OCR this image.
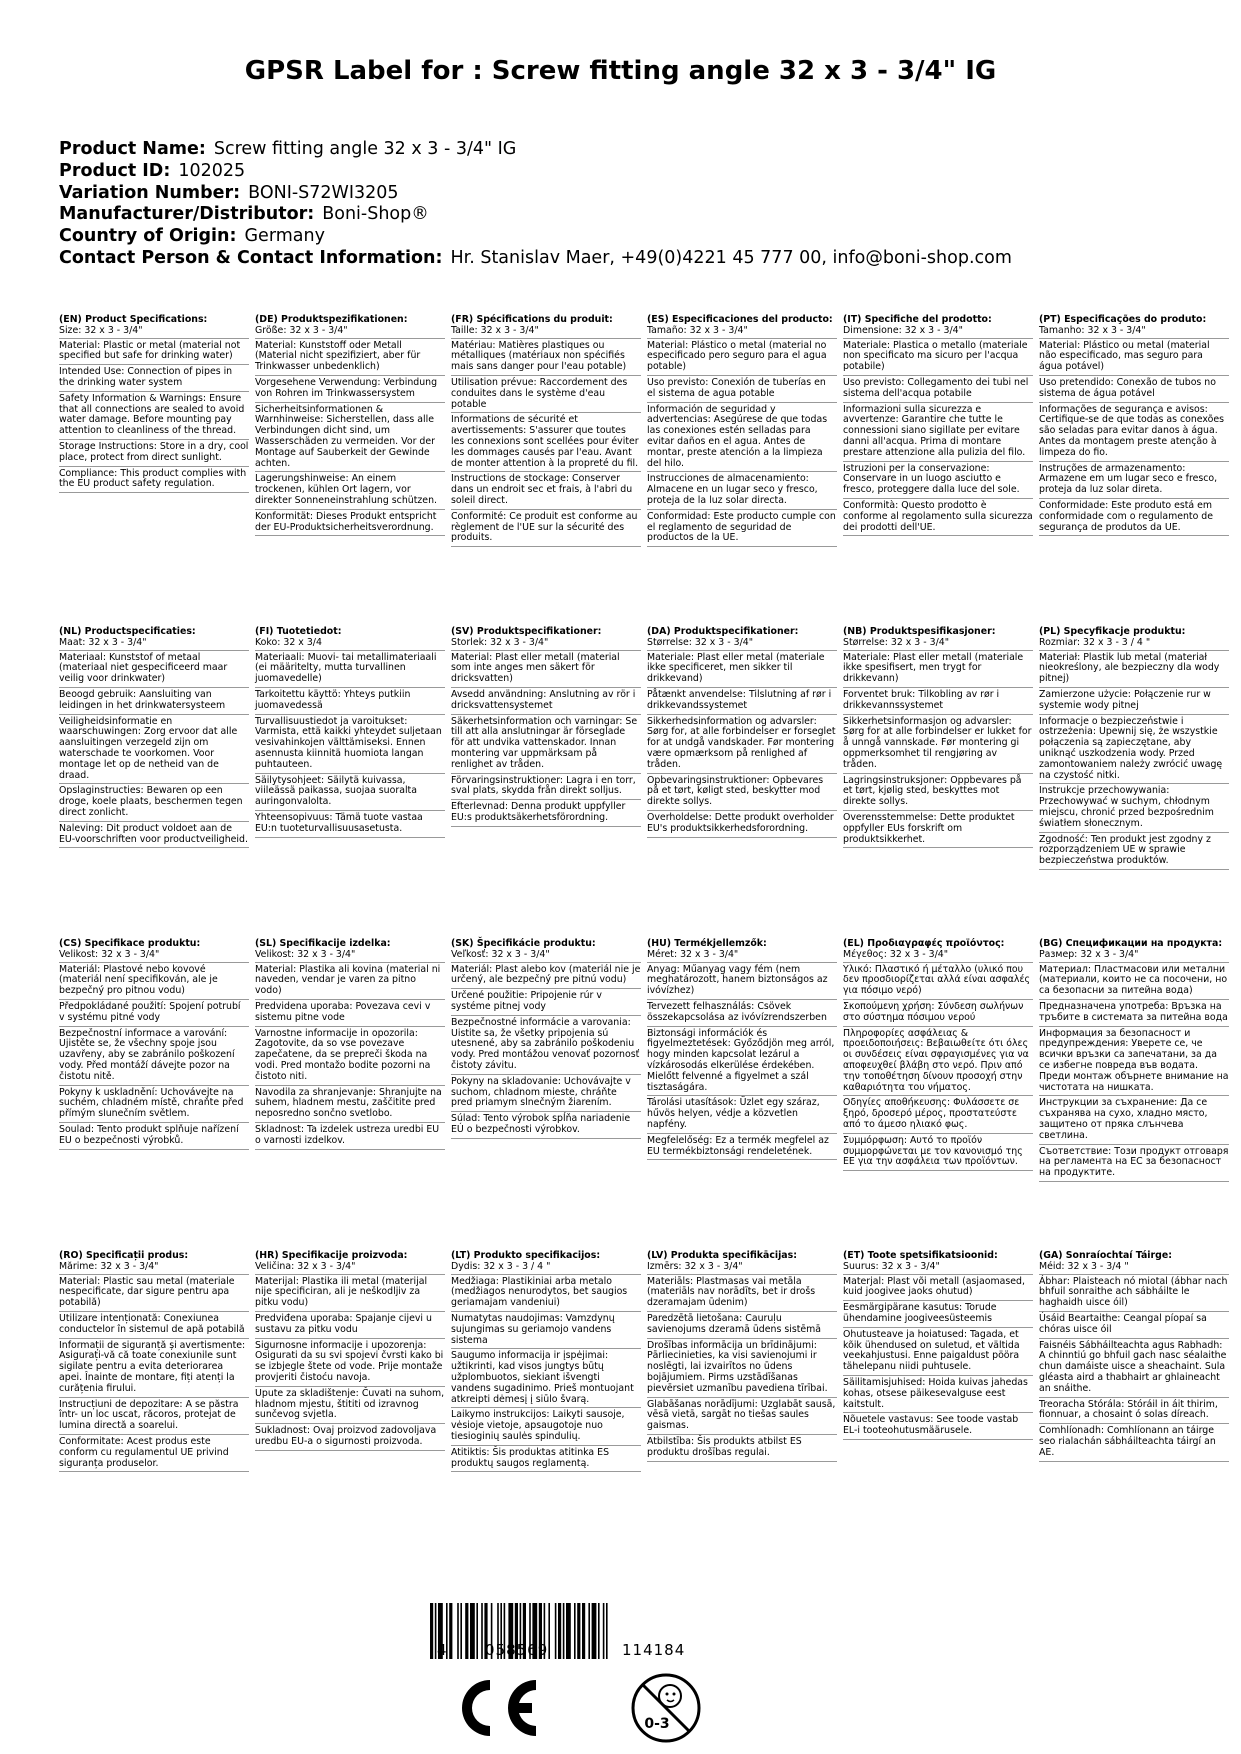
GPSR Label for : Screw fitting angle 32 x 3 - 3/4" IG
Product Name: Screw fitting angle 32 x 3 - 3/4" IG
Product ID: 102025
Variation Number: BONI-S72WI3205
Manufacturer/Distributor: Boni-Shop®
Country of Origin: Germany
Contact Person & Contact Information: Hr. Stanislav Maer, +49(0)4221 45 777 00, info@boni-shop.com
(EN) Product Specifications:
Size: 32 x 3 - 3/4"
Material: Plastic or metal (material not specified but safe for drinking water)
Intended Use: Connection of pipes in the drinking water system
Safety Information & Warnings: Ensure that all connections are sealed to avoid water damage. Before mounting pay attention to cleanliness of the thread.
Storage Instructions: Store in a dry, cool place, protect from direct sunlight.
Compliance: This product complies with the EU product safety regulation.
(DE) Produktspezifikationen:
Größe: 32 x 3 - 3/4"
Material: Kunststoff oder Metall (Material nicht spezifiziert, aber für Trinkwasser unbedenklich)
Vorgesehene Verwendung: Verbindung von Rohren im Trinkwassersystem
Sicherheitsinformationen & Warnhinweise: Sicherstellen, dass alle Verbindungen dicht sind, um Wasserschäden zu vermeiden. Vor der Montage auf Sauberkeit der Gewinde achten.
Lagerungshinweise: An einem trockenen, kühlen Ort lagern, vor direkter Sonneneinstrahlung schützen.
Konformität: Dieses Produkt entspricht der EU-Produktsicherheitsverordnung.
(FR) Spécifications du produit:
Taille: 32 x 3 - 3/4"
Matériau: Matières plastiques ou métalliques (matériaux non spécifiés mais sans danger pour l'eau potable)
Utilisation prévue: Raccordement des conduites dans le système d'eau potable
Informations de sécurité et avertissements: S'assurer que toutes les connexions sont scellées pour éviter les dommages causés par l'eau. Avant de monter attention à la propreté du fil.
Instructions de stockage: Conserver dans un endroit sec et frais, à l'abri du soleil direct.
Conformité: Ce produit est conforme au règlement de l'UE sur la sécurité des produits.
(ES) Especificaciones del producto:
Tamaño: 32 x 3 - 3/4"
Material: Plástico o metal (material no especificado pero seguro para el agua potable)
Uso previsto: Conexión de tuberías en el sistema de agua potable
Información de seguridad y advertencias: Asegúrese de que todas las conexiones estén selladas para evitar daños en el agua. Antes de montar, preste atención a la limpieza del hilo.
Instrucciones de almacenamiento: Almacene en un lugar seco y fresco, proteja de la luz solar directa.
Conformidad: Este producto cumple con el reglamento de seguridad de productos de la UE.
(IT) Specifiche del prodotto:
Dimensione: 32 x 3 - 3/4"
Materiale: Plastica o metallo (materiale non specificato ma sicuro per l'acqua potabile)
Uso previsto: Collegamento dei tubi nel sistema dell'acqua potabile
Informazioni sulla sicurezza e avvertenze: Garantire che tutte le connessioni siano sigillate per evitare danni all'acqua. Prima di montare prestare attenzione alla pulizia del filo.
Istruzioni per la conservazione: Conservare in un luogo asciutto e fresco, proteggere dalla luce del sole.
Conformità: Questo prodotto è conforme al regolamento sulla sicurezza dei prodotti dell'UE.
(PT) Especificações do produto:
Tamanho: 32 x 3 - 3/4"
Material: Plástico ou metal (material não especificado, mas seguro para água potável)
Uso pretendido: Conexão de tubos no sistema de água potável
Informações de segurança e avisos: Certifique-se de que todas as conexões são seladas para evitar danos à água. Antes da montagem preste atenção à limpeza do fio.
Instruções de armazenamento: Armazene em um lugar seco e fresco, proteja da luz solar direta.
Conformidade: Este produto está em conformidade com o regulamento de segurança de produtos da UE.
(NL) Productspecificaties:
Maat: 32 x 3 - 3/4"
Materiaal: Kunststof of metaal (materiaal niet gespecificeerd maar veilig voor drinkwater)
Beoogd gebruik: Aansluiting van leidingen in het drinkwatersysteem
Veiligheidsinformatie en waarschuwingen: Zorg ervoor dat alle aansluitingen verzegeld zijn om waterschade te voorkomen. Voor montage let op de netheid van de draad.
Opslaginstructies: Bewaren op een droge, koele plaats, beschermen tegen direct zonlicht.
Naleving: Dit product voldoet aan de EU-voorschriften voor productveiligheid.
(FI) Tuotetiedot:
Koko: 32 x 3/4
Materiaali: Muovi- tai metallimateriaali (ei määritelty, mutta turvallinen juomavedelle)
Tarkoitettu käyttö: Yhteys putkiin juomavedessä
Turvallisuustiedot ja varoitukset: Varmista, että kaikki yhteydet suljetaan vesivahinkojen välttämiseksi. Ennen asennusta kiinnitä huomiota langan puhtauteen.
Säilytysohjeet: Säilytä kuivassa, viileässä paikassa, suojaa suoralta auringonvalolta.
Yhteensopivuus: Tämä tuote vastaa EU:n tuoteturvallisuusasetusta.
(SV) Produktspecifikationer:
Storlek: 32 x 3 - 3/4"
Material: Plast eller metall (material som inte anges men säkert för dricksvatten)
Avsedd användning: Anslutning av rör i dricksvattensystemet
Säkerhetsinformation och varningar: Se till att alla anslutningar är förseglade för att undvika vattenskador. Innan montering var uppmärksam på renlighet av tråden.
Förvaringsinstruktioner: Lagra i en torr, sval plats, skydda från direkt solljus.
Efterlevnad: Denna produkt uppfyller EU:s produktsäkerhetsförordning.
(DA) Produktspecifikationer:
Størrelse: 32 x 3 - 3/4"
Materiale: Plast eller metal (materiale ikke specificeret, men sikker til drikkevand)
Påtænkt anvendelse: Tilslutning af rør i drikkevandssystemet
Sikkerhedsinformation og advarsler: Sørg for, at alle forbindelser er forseglet for at undgå vandskader. Før montering være opmærksom på renlighed af tråden.
Opbevaringsinstruktioner: Opbevares på et tørt, køligt sted, beskytter mod direkte sollys.
Overholdelse: Dette produkt overholder EU's produktsikkerhedsforordning.
(NB) Produktspesifikasjoner:
Størrelse: 32 x 3 - 3/4"
Materiale: Plast eller metall (materiale ikke spesifisert, men trygt for drikkevann)
Forventet bruk: Tilkobling av rør i drikkevannssystemet
Sikkerhetsinformasjon og advarsler: Sørg for at alle forbindelser er lukket for å unngå vannskade. Før montering gi oppmerksomhet til rengjøring av tråden.
Lagringsinstruksjoner: Oppbevares på et tørt, kjølig sted, beskyttes mot direkte sollys.
Overensstemmelse: Dette produktet oppfyller EUs forskrift om produktsikkerhet.
(PL) Specyfikacje produktu:
Rozmiar: 32 x 3 - 3 / 4 "
Materiał: Plastik lub metal (materiał nieokreślony, ale bezpieczny dla wody pitnej)
Zamierzone użycie: Połączenie rur w systemie wody pitnej
Informacje o bezpieczeństwie i ostrzeżenia: Upewnij się, że wszystkie połączenia są zapieczętane, aby uniknąć uszkodzenia wody. Przed zamontowaniem należy zwrócić uwagę na czystość nitki.
Instrukcje przechowywania: Przechowywać w suchym, chłodnym miejscu, chronić przed bezpośrednim światłem słonecznym.
Zgodność: Ten produkt jest zgodny z rozporządzeniem UE w sprawie bezpieczeństwa produktów.
(CS) Specifikace produktu:
Velikost: 32 x 3 - 3/4"
Materiál: Plastové nebo kovové (materiál není specifikován, ale je bezpečný pro pitnou vodu)
Předpokládané použití: Spojení potrubí v systému pitné vody
Bezpečnostní informace a varování: Ujistěte se, že všechny spoje jsou uzavřeny, aby se zabránilo poškození vody. Před montáží dávejte pozor na čistotu nitě.
Pokyny k uskladnění: Uchovávejte na suchém, chladném místě, chraňte před přímým slunečním světlem.
Soulad: Tento produkt splňuje nařízení EU o bezpečnosti výrobků.
(SL) Specifikacije izdelka:
Velikost: 32 x 3 - 3/4"
Material: Plastika ali kovina (material ni naveden, vendar je varen za pitno vodo)
Predvidena uporaba: Povezava cevi v sistemu pitne vode
Varnostne informacije in opozorila: Zagotovite, da so vse povezave zapečatene, da se prepreči škoda na vodi. Pred montažo bodite pozorni na čistoto niti.
Navodila za shranjevanje: Shranjujte na suhem, hladnem mestu, zaščitite pred neposredno sončno svetlobo.
Skladnost: Ta izdelek ustreza uredbi EU o varnosti izdelkov.
(SK) Špecifikácie produktu:
Veľkosť: 32 x 3 - 3/4"
Materiál: Plast alebo kov (materiál nie je určený, ale bezpečný pre pitnú vodu)
Určené použitie: Pripojenie rúr v systéme pitnej vody
Bezpečnostné informácie a varovania: Uistite sa, že všetky pripojenia sú utesnené, aby sa zabránilo poškodeniu vody. Pred montážou venovať pozornosť čistoty závitu.
Pokyny na skladovanie: Uchovávajte v suchom, chladnom mieste, chráňte pred priamym slnečným žiarením.
Súlad: Tento výrobok spĺňa nariadenie EÚ o bezpečnosti výrobkov.
(HU) Termékjellemzők:
Méret: 32 x 3 - 3/4"
Anyag: Műanyag vagy fém (nem meghatározott, hanem biztonságos az ivóvízhez)
Tervezett felhasználás: Csövek összekapcsolása az ivóvízrendszerben
Biztonsági információk és figyelmeztetések: Győződjön meg arról, hogy minden kapcsolat lezárul a vízkárosodás elkerülése érdekében. Mielőtt felvenné a figyelmet a szál tisztaságára.
Tárolási utasítások: Üzlet egy száraz, hűvös helyen, védje a közvetlen napfény.
Megfelelőség: Ez a termék megfelel az EU termékbiztonsági rendeletének.
(EL) Προδιαγραφές προϊόντος:
Μέγεθος: 32 x 3 - 3/4"
Υλικό: Πλαστικό ή μέταλλο (υλικό που δεν προσδιορίζεται αλλά είναι ασφαλές για πόσιμο νερό)
Σκοπούμενη χρήση: Σύνδεση σωλήνων στο σύστημα πόσιμου νερού
Πληροφορίες ασφάλειας & προειδοποιήσεις: Βεβαιωθείτε ότι όλες οι συνδέσεις είναι σφραγισμένες για να αποφευχθεί βλάβη στο νερό. Πριν από την τοποθέτηση δίνουν προσοχή στην καθαριότητα του νήματος.
Οδηγίες αποθήκευσης: Φυλάσσετε σε ξηρό, δροσερό μέρος, προστατεύστε από το άμεσο ηλιακό φως.
Συμμόρφωση: Αυτό το προϊόν συμμορφώνεται με τον κανονισμό της ΕΕ για την ασφάλεια των προϊόντων.
(BG) Спецификации на продукта:
Размер: 32 x 3 - 3/4"
Материал: Пластмасови или метални (материали, които не са посочени, но са безопасни за питейна вода)
Предназначена употреба: Връзка на тръбите в системата за питейна вода
Информация за безопасност и предупреждения: Уверете се, че всички връзки са запечатани, за да се избегне повреда във водата. Преди монтаж обърнете внимание на чистотата на нишката.
Инструкции за съхранение: Да се съхранява на сухо, хладно място, защитено от пряка слънчева светлина.
Съответствие: Този продукт отговаря на регламента на ЕС за безопасност на продуктите.
(RO) Specificații produs:
Mărime: 32 x 3 - 3/4"
Material: Plastic sau metal (materiale nespecificate, dar sigure pentru apa potabilă)
Utilizare intenționată: Conexiunea conductelor în sistemul de apă potabilă
Informații de siguranță și avertismente: Asigurați-vă că toate conexiunile sunt sigilate pentru a evita deteriorarea apei. Înainte de montare, fiți atenți la curățenia firului.
Instrucțiuni de depozitare: A se păstra într- un loc uscat, răcoros, protejat de lumina directă a soarelui.
Conformitate: Acest produs este conform cu regulamentul UE privind siguranța produselor.
(HR) Specifikacije proizvoda:
Veličina: 32 x 3 - 3/4"
Materijal: Plastika ili metal (materijal nije specificiran, ali je neškodljiv za pitku vodu)
Predviđena uporaba: Spajanje cijevi u sustavu za pitku vodu
Sigurnosne informacije i upozorenja: Osigurati da su svi spojevi čvrsti kako bi se izbjegle štete od vode. Prije montaže provjeriti čistoću navoja.
Upute za skladištenje: Čuvati na suhom, hladnom mjestu, štititi od izravnog sunčevog svjetla.
Sukladnost: Ovaj proizvod zadovoljava uredbu EU-a o sigurnosti proizvoda.
(LT) Produkto specifikacijos:
Dydis: 32 x 3 - 3 / 4 "
Medžiaga: Plastikiniai arba metalo (medžiagos nenurodytos, bet saugios geriamajam vandeniui)
Numatytas naudojimas: Vamzdynų sujungimas su geriamojo vandens sistema
Saugumo informacija ir įspėjimai: užtikrinti, kad visos jungtys būtų užplombuotos, siekiant išvengti vandens sugadinimo. Prieš montuojant atkreipti dėmesį į siūlo švarą.
Laikymo instrukcijos: Laikyti sausoje, vėsioje vietoje, apsaugotoje nuo tiesioginių saulės spindulių.
Atitiktis: Šis produktas atitinka ES produktų saugos reglamentą.
(LV) Produkta specifikācijas:
Izmērs: 32 x 3 - 3/4"
Materiāls: Plastmasas vai metāla (materiāls nav norādīts, bet ir drošs dzeramajam ūdenim)
Paredzētā lietošana: Cauruļu savienojums dzeramā ūdens sistēmā
Drošības informācija un brīdinājumi: Pārliecinieties, ka visi savienojumi ir noslēgti, lai izvairītos no ūdens bojājumiem. Pirms uzstādīšanas pievērsiet uzmanību pavediena tīrībai.
Glabāšanas norādījumi: Uzglabāt sausā, vēsā vietā, sargāt no tiešas saules gaismas.
Atbilstība: Šis produkts atbilst ES produktu drošības regulai.
(ET) Toote spetsifikatsioonid:
Suurus: 32 x 3 - 3/4"
Materjal: Plast või metall (asjaomased, kuid joogivee jaoks ohutud)
Eesmärgipärane kasutus: Torude ühendamine joogiveesüsteemis
Ohutusteave ja hoiatused: Tagada, et kõik ühendused on suletud, et vältida veekahjustusi. Enne paigaldust pööra tähelepanu niidi puhtusele.
Säilitamisjuhised: Hoida kuivas jahedas kohas, otsese päikesevalguse eest kaitstult.
Nõuetele vastavus: See toode vastab EL-i tooteohutusmäärusele.
(GA) Sonraíochtaí Táirge:
Méid: 32 x 3 - 3/4 "
Ábhar: Plaisteach nó miotal (ábhar nach bhfuil sonraithe ach sábháilte le haghaidh uisce óil)
Úsáid Beartaithe: Ceangal píopaí sa chóras uisce óil
Faisnéis Sábháilteachta agus Rabhadh: A chinntiú go bhfuil gach nasc séalaithe chun damáiste uisce a sheachaint. Sula gléasta aird a thabhairt ar ghlaineacht an snáithe.
Treoracha Stórála: Stóráil in áit thirim, fionnuar, a chosaint ó solas díreach.
Comhlíonadh: Comhlíonann an táirge seo rialachán sábháilteachta táirgí an AE.
4 058569	114184
0-3
